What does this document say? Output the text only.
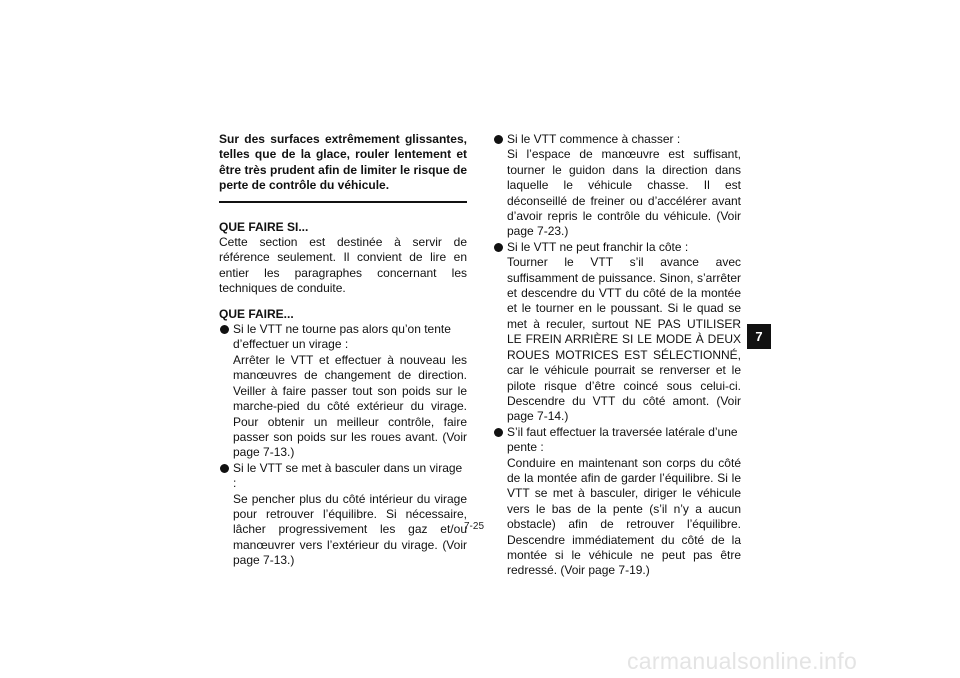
Sur des surfaces extrêmement glissantes, telles que de la glace, rouler lentement et être très prudent afin de limiter le risque de perte de contrôle du véhicule.
QUE FAIRE SI...

Cette section est destinée à servir de référence seulement. Il convient de lire en entier les paragraphes concernant les techniques de conduite.

QUE FAIRE...
Si le VTT ne tourne pas alors qu’on tente d’effectuer un virage :
Arrêter le VTT et effectuer à nouveau les manœuvres de changement de direction. Veiller à faire passer tout son poids sur le marche-pied du côté extérieur du virage. Pour obtenir un meilleur contrôle, faire passer son poids sur les roues avant. (Voir page 7-13.)
Si le VTT se met à basculer dans un virage :
Se pencher plus du côté intérieur du virage pour retrouver l’équilibre. Si nécessaire, lâcher progressivement les gaz et/ou manœuvrer vers l’extérieur du virage. (Voir page 7-13.)
Si le VTT commence à chasser :
Si l’espace de manœuvre est suffisant, tourner le guidon dans la direction dans laquelle le véhicule chasse. Il est déconseillé de freiner ou d’accélérer avant d’avoir repris le contrôle du véhicule. (Voir page 7-23.)
Si le VTT ne peut franchir la côte :
Tourner le VTT s’il avance avec suffisamment de puissance. Sinon, s’arrêter et descendre du VTT du côté de la montée et le tourner en le poussant. Si le quad se met à reculer, surtout NE PAS UTILISER LE FREIN ARRIÈRE SI LE MODE À DEUX ROUES MOTRICES EST SÉLECTIONNÉ, car le véhicule pourrait se renverser et le pilote risque d’être coincé sous celui-ci. Descendre du VTT du côté amont. (Voir page 7-14.)
S’il faut effectuer la traversée latérale d’une pente :
Conduire en maintenant son corps du côté de la montée afin de garder l’équilibre. Si le VTT se met à basculer, diriger le véhicule vers le bas de la pente (s’il n’y a aucun obstacle) afin de retrouver l’équilibre. Descendre immédiatement du côté de la montée si le véhicule ne peut pas être redressé. (Voir page 7-19.)
7
7-25
carmanualsonline.info
